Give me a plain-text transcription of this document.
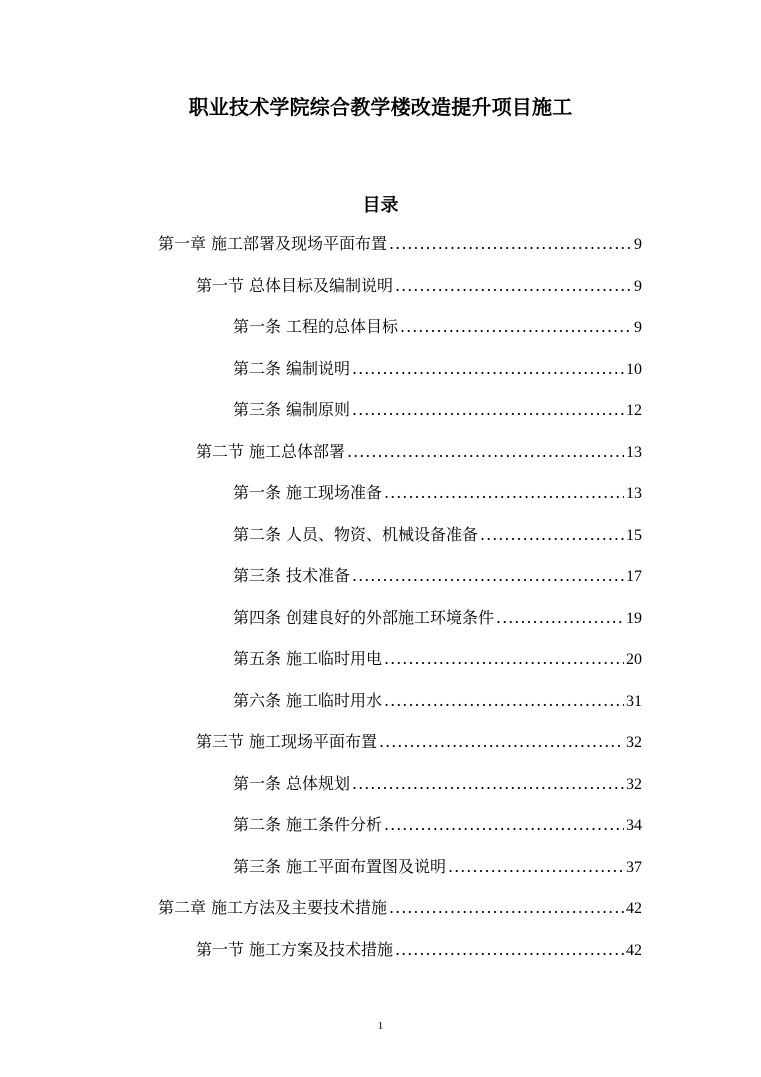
职业技术学院综合教学楼改造提升项目施工
目录
第一章 施工部署及现场平面布置 .....	9
第一节 总体目标及编制说明 .....	9
第一条 工程的总体目标 .....	9
第二条 编制说明 .....	10
第三条 编制原则 .....	12
第二节 施工总体部署 .....	13
第一条 施工现场准备 .....	13
第二条 人员、物资、机械设备准备 .....	15
第三条 技术准备 .....	17
第四条 创建良好的外部施工环境条件 .....	19
第五条 施工临时用电 .....	20
第六条 施工临时用水 .....	31
第三节 施工现场平面布置 .....	32
第一条 总体规划 .....	32
第二条 施工条件分析 .....	34
第三条 施工平面布置图及说明 .....	37
第二章 施工方法及主要技术措施 .....	42
第一节 施工方案及技术措施 .....	42
1
